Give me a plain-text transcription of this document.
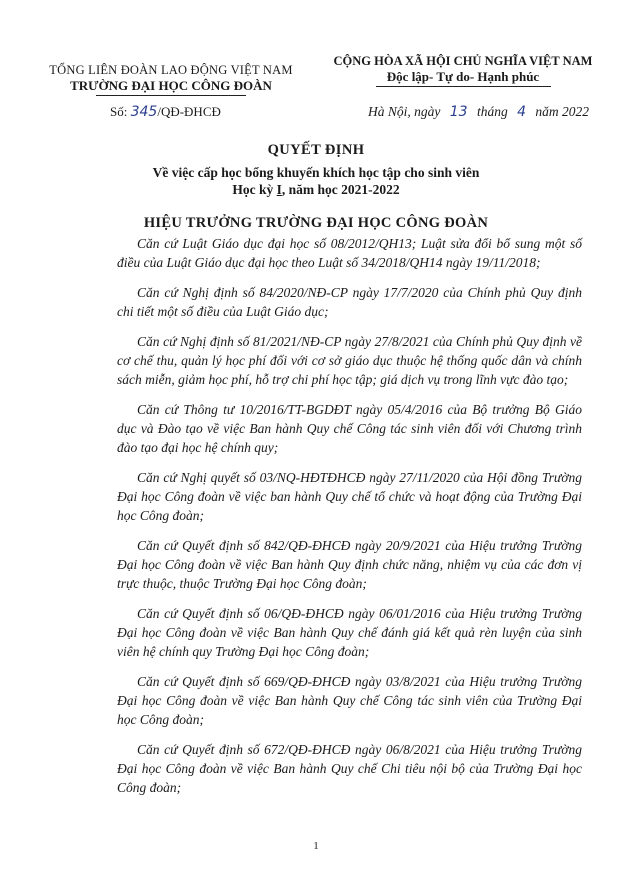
TỔNG LIÊN ĐOÀN LAO ĐỘNG VIỆT NAM
TRƯỜNG ĐẠI HỌC CÔNG ĐOÀN
CỘNG HÒA XÃ HỘI CHỦ NGHĨA VIỆT NAM
Độc lập- Tự do- Hạnh phúc
Số: 345/QĐ-ĐHCĐ	Hà Nội, ngày 13 tháng 4 năm 2022
QUYẾT ĐỊNH
Về việc cấp học bổng khuyến khích học tập cho sinh viên
Học kỳ I, năm học 2021-2022
HIỆU TRƯỞNG TRƯỜNG ĐẠI HỌC CÔNG ĐOÀN

Căn cứ Luật Giáo dục đại học số 08/2012/QH13; Luật sửa đổi bổ sung một số điều của Luật Giáo dục đại học theo Luật số 34/2018/QH14 ngày 19/11/2018;

Căn cứ Nghị định số 84/2020/NĐ-CP ngày 17/7/2020 của Chính phủ Quy định chi tiết một số điều của Luật Giáo dục;

Căn cứ Nghị định số 81/2021/NĐ-CP ngày 27/8/2021 của Chính phủ Quy định về cơ chế thu, quản lý học phí đối với cơ sở giáo dục thuộc hệ thống quốc dân và chính sách miễn, giảm học phí, hỗ trợ chi phí học tập; giá dịch vụ trong lĩnh vực đào tạo;

Căn cứ Thông tư 10/2016/TT-BGDĐT ngày 05/4/2016 của Bộ trưởng Bộ Giáo dục và Đào tạo về việc Ban hành Quy chế Công tác sinh viên đối với Chương trình đào tạo đại học hệ chính quy;

Căn cứ Nghị quyết số 03/NQ-HĐTĐHCĐ ngày 27/11/2020 của Hội đồng Trường Đại học Công đoàn về việc ban hành Quy chế tổ chức và hoạt động của Trường Đại học Công đoàn;

Căn cứ Quyết định số 842/QĐ-ĐHCĐ ngày 20/9/2021 của Hiệu trưởng Trường Đại học Công đoàn về việc Ban hành Quy định chức năng, nhiệm vụ của các đơn vị trực thuộc, thuộc Trường Đại học Công đoàn;

Căn cứ Quyết định số 06/QĐ-ĐHCĐ ngày 06/01/2016 của Hiệu trưởng Trường Đại học Công đoàn về việc Ban hành Quy chế đánh giá kết quả rèn luyện của sinh viên hệ chính quy Trường Đại học Công đoàn;

Căn cứ Quyết định số 669/QĐ-ĐHCĐ ngày 03/8/2021 của Hiệu trưởng Trường Đại học Công đoàn về việc Ban hành Quy chế Công tác sinh viên của Trường Đại học Công đoàn;

Căn cứ Quyết định số 672/QĐ-ĐHCĐ ngày 06/8/2021 của Hiệu trưởng Trường Đại học Công đoàn về việc Ban hành Quy chế Chi tiêu nội bộ của Trường Đại học Công đoàn;

1
